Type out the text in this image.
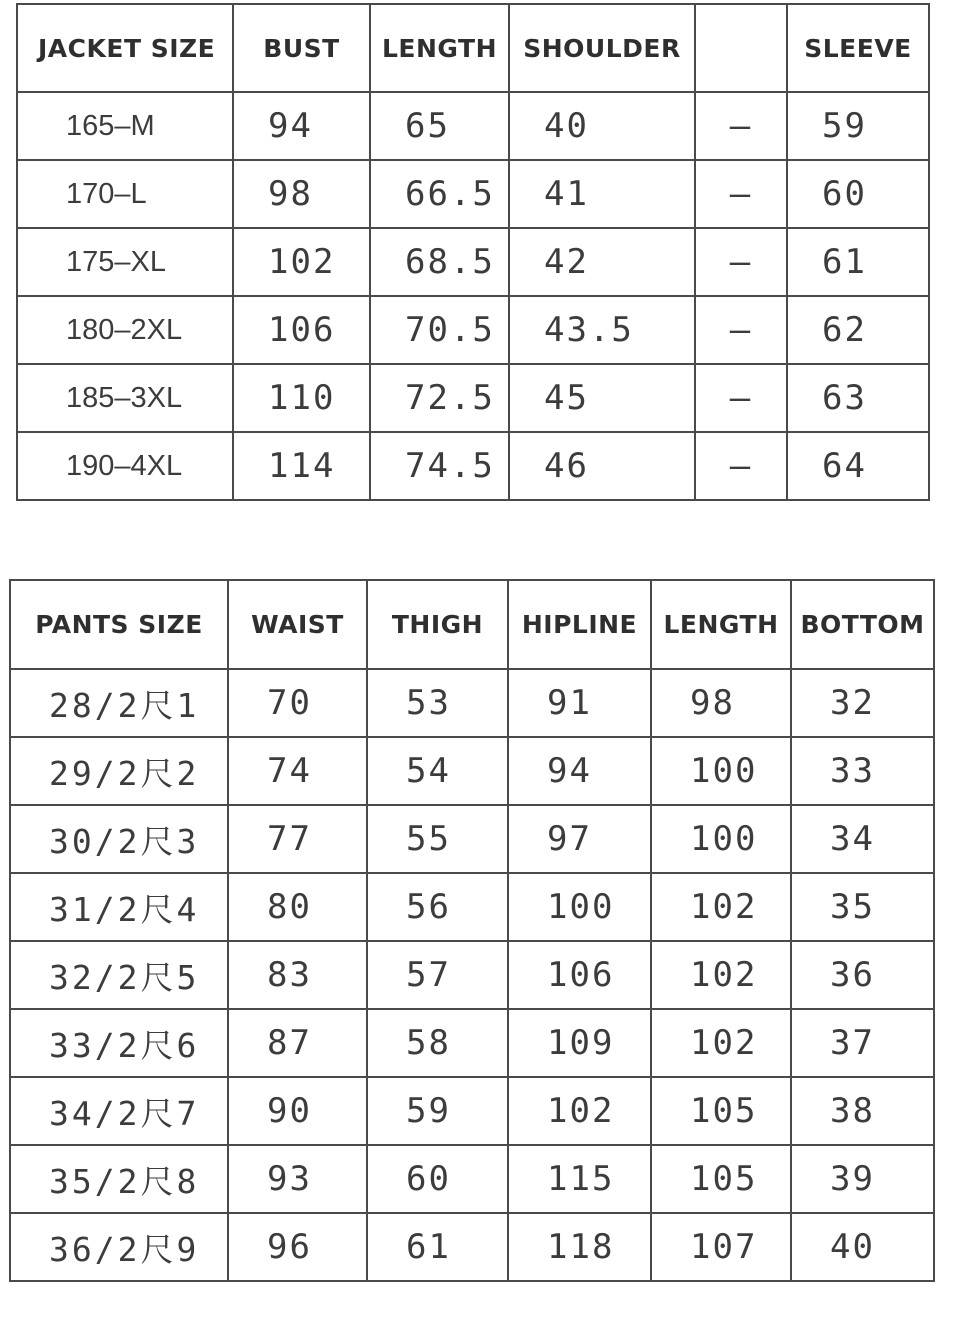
JACKET SIZE	BUST	LENGTH	SHOULDER		SLEEVE
165–M	94	65	40	—	59
170–L	98	66.5	41	—	60
175–XL	102	68.5	42	—	61
180–2XL	106	70.5	43.5	—	62
185–3XL	110	72.5	45	—	63
190–4XL	114	74.5	46	—	64
PANTS SIZE	WAIST	THIGH	HIPLINE	LENGTH	BOTTOM
28/2尺1	70	53	91	98	32
29/2尺2	74	54	94	100	33
30/2尺3	77	55	97	100	34
31/2尺4	80	56	100	102	35
32/2尺5	83	57	106	102	36
33/2尺6	87	58	109	102	37
34/2尺7	90	59	102	105	38
35/2尺8	93	60	115	105	39
36/2尺9	96	61	118	107	40
